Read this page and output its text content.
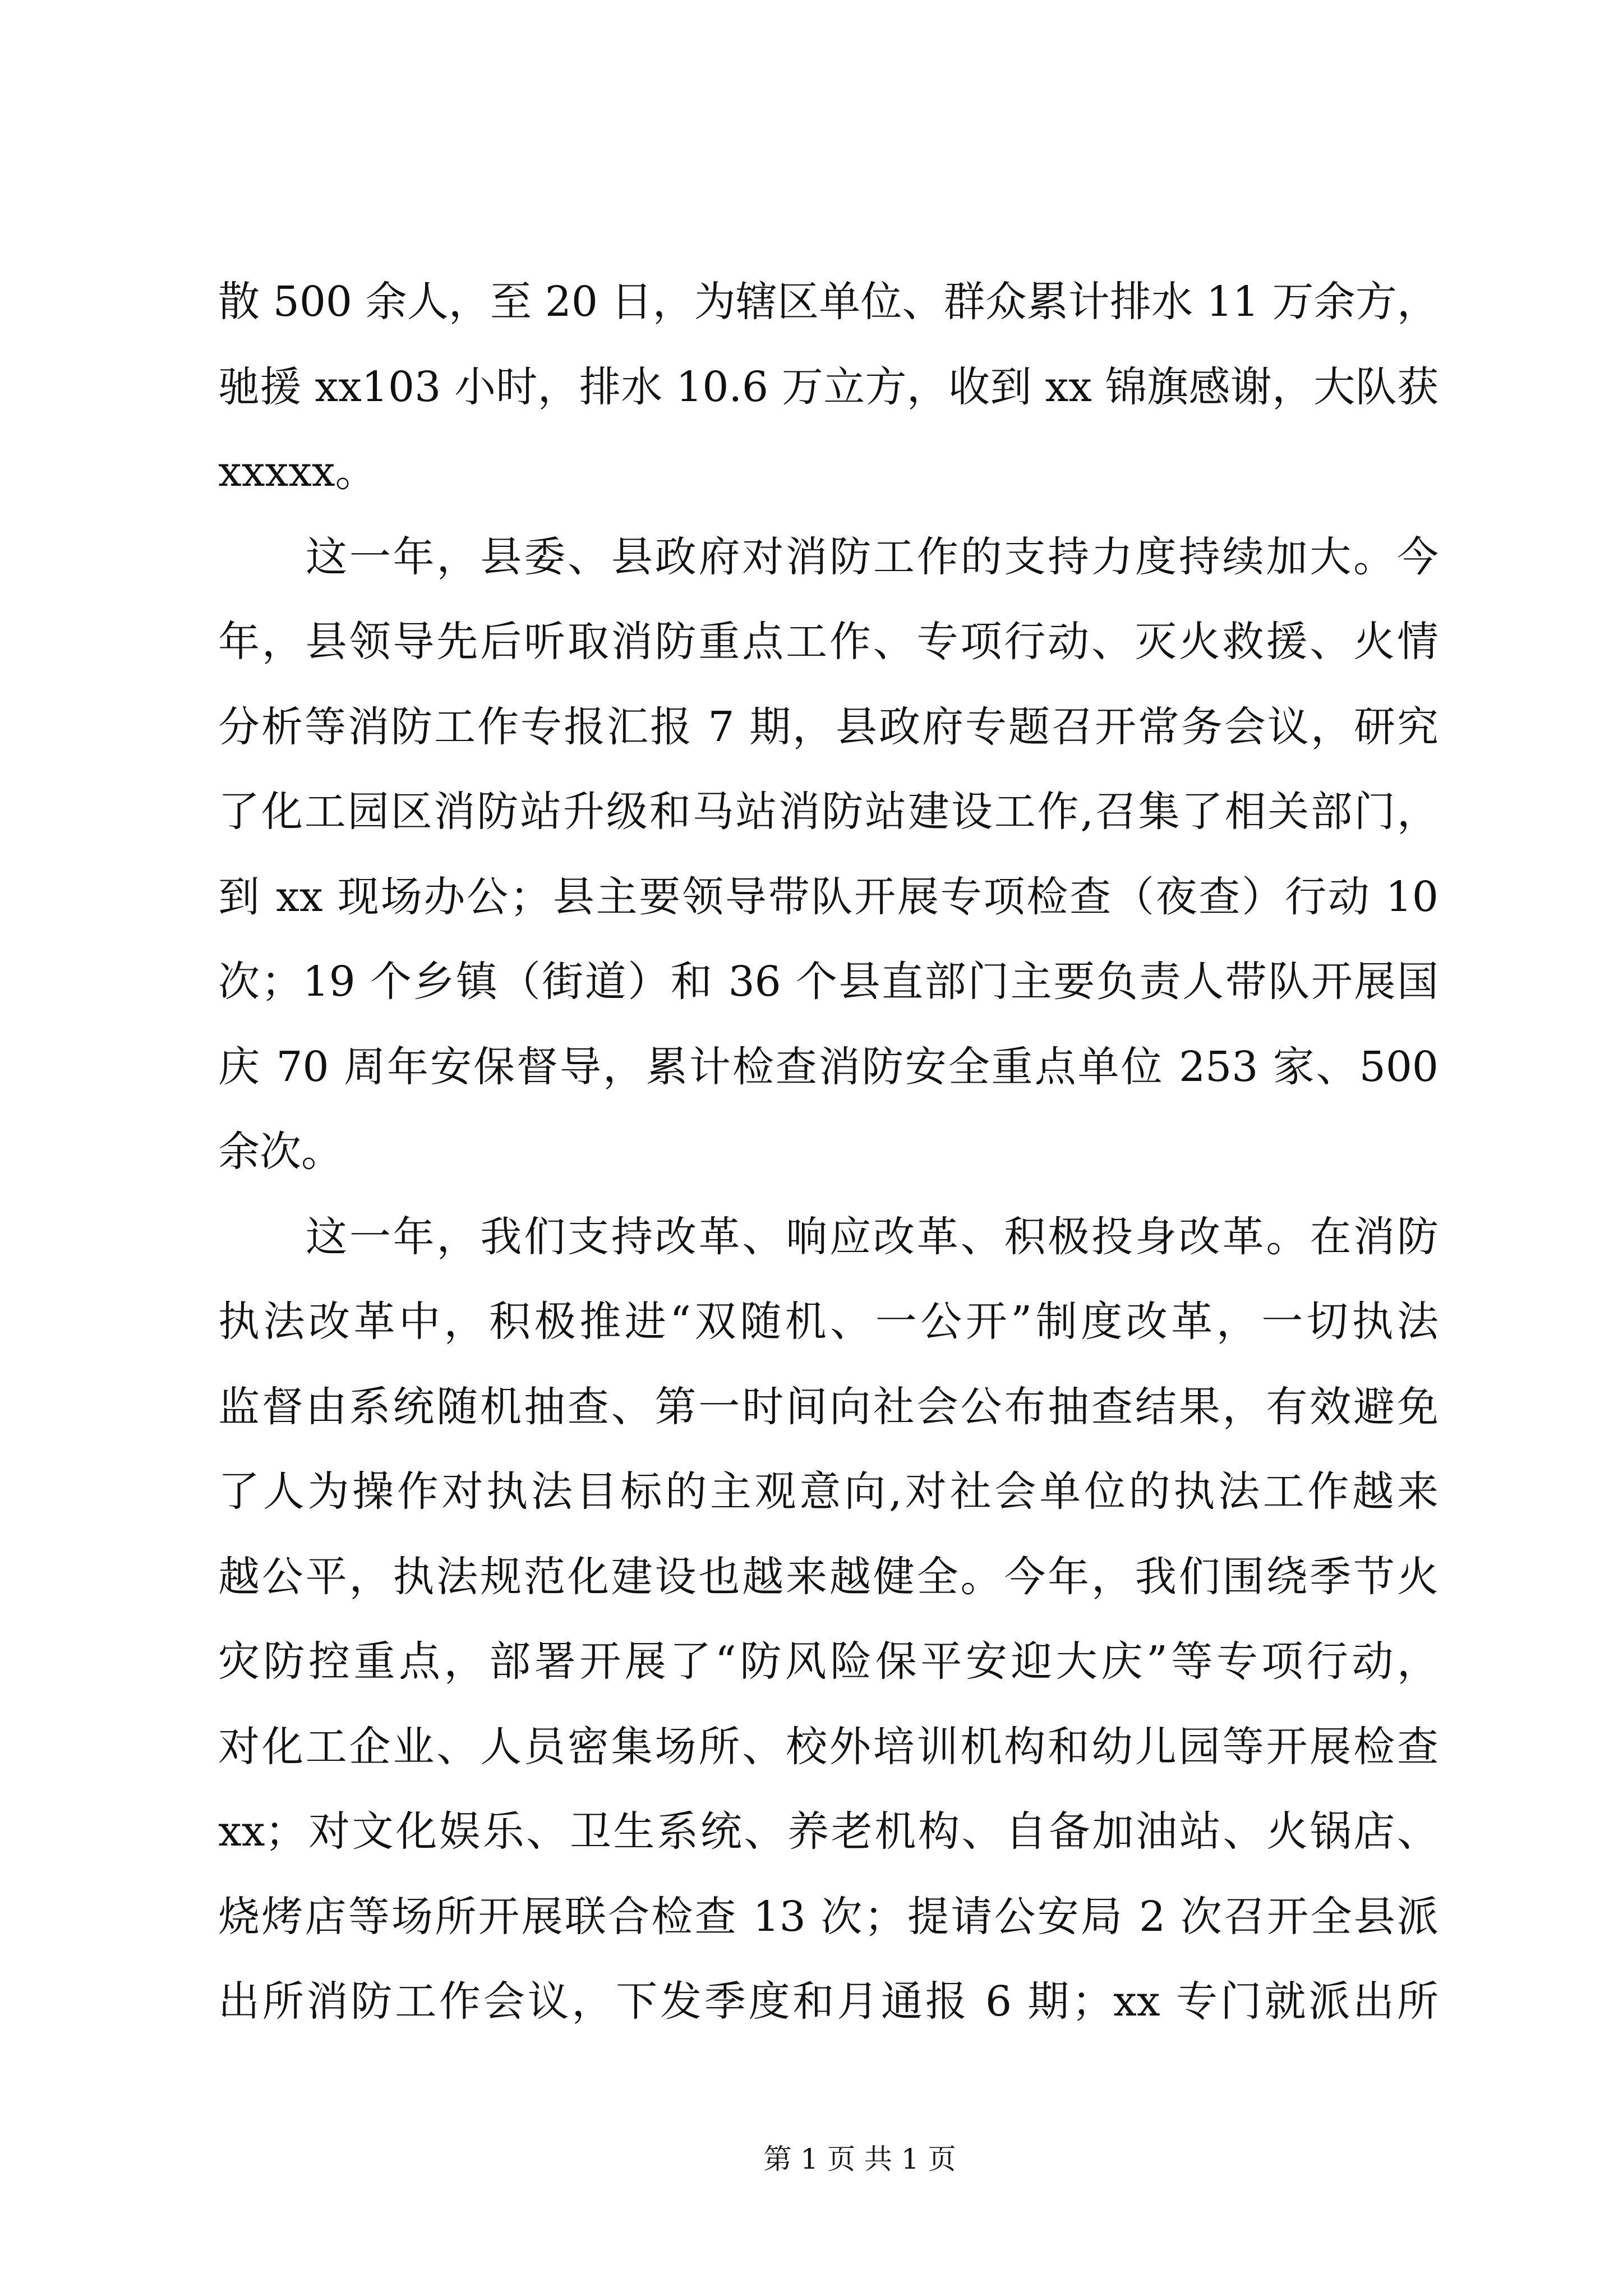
散 500 余人，至 20 日，为辖区单位、群众累计排水 11 万余方，
驰援 xx103 小时，排水 10.6 万立方，收到 xx 锦旗感谢，大队获
xxxxx。
这一年，县委、县政府对消防工作的支持力度持续加大。今
年，县领导先后听取消防重点工作、专项行动、灭火救援、火情
分析等消防工作专报汇报 7 期，县政府专题召开常务会议，研究
了化工园区消防站升级和马站消防站建设工作,召集了相关部门，
到 xx 现场办公；县主要领导带队开展专项检查（夜查）行动 10
次；19 个乡镇（街道）和 36 个县直部门主要负责人带队开展国
庆 70 周年安保督导，累计检查消防安全重点单位 253 家、500
余次。
这一年，我们支持改革、响应改革、积极投身改革。在消防
执法改革中，积极推进“双随机、一公开”制度改革，一切执法
监督由系统随机抽查、第一时间向社会公布抽查结果，有效避免
了人为操作对执法目标的主观意向,对社会单位的执法工作越来
越公平，执法规范化建设也越来越健全。今年，我们围绕季节火
灾防控重点，部署开展了“防风险保平安迎大庆”等专项行动，
对化工企业、人员密集场所、校外培训机构和幼儿园等开展检查
xx；对文化娱乐、卫生系统、养老机构、自备加油站、火锅店、
烧烤店等场所开展联合检查 13 次；提请公安局 2 次召开全县派
出所消防工作会议，下发季度和月通报 6 期；xx 专门就派出所
第 1 页 共 1 页
